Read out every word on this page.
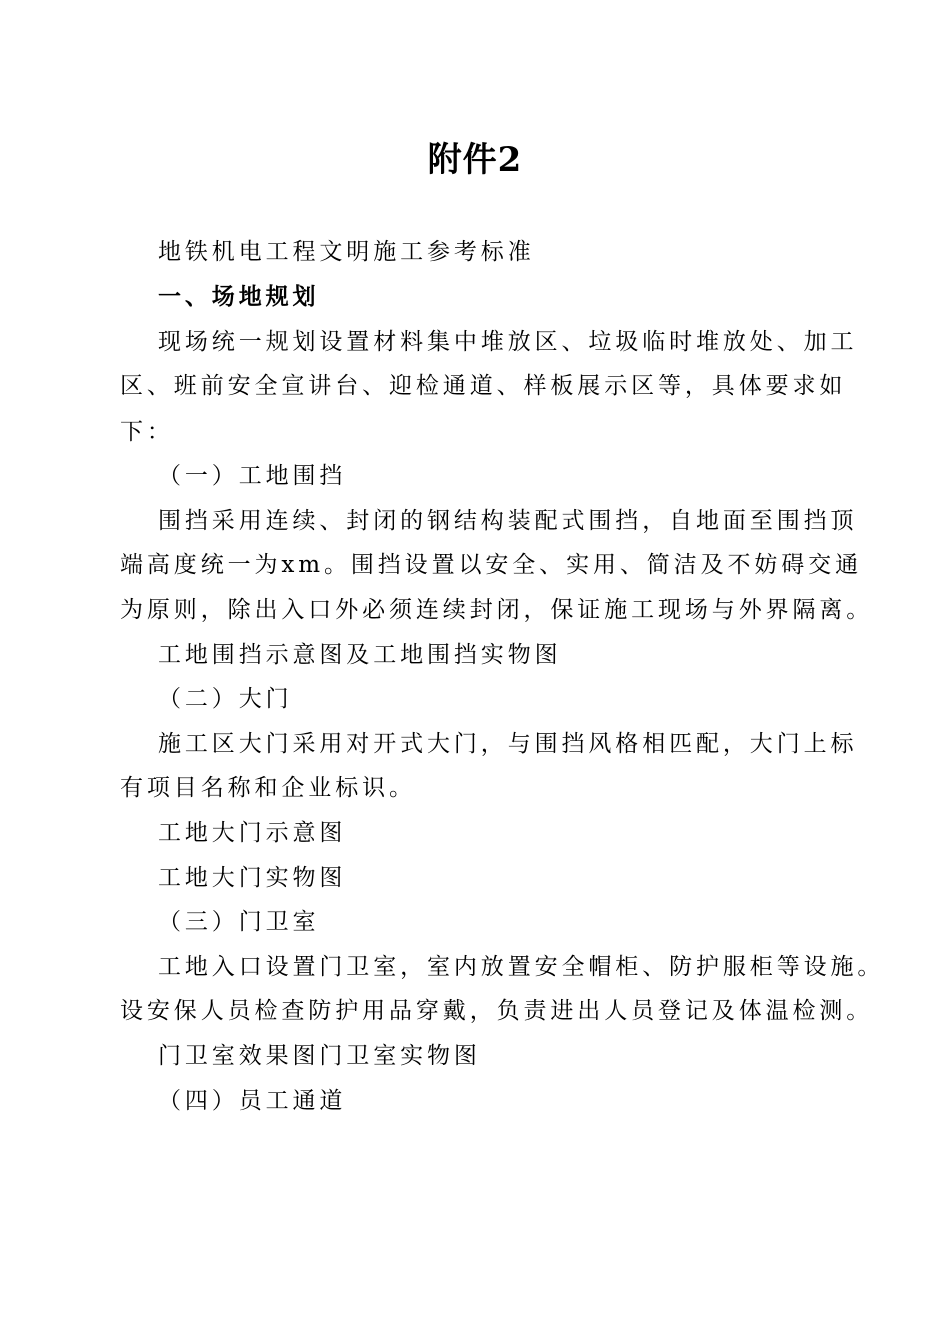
附件2
地铁机电工程文明施工参考标准
一、场地规划
现场统一规划设置材料集中堆放区、垃圾临时堆放处、加工
区、班前安全宣讲台、迎检通道、样板展示区等，具体要求如
下：
（一）工地围挡
围挡采用连续、封闭的钢结构装配式围挡，自地面至围挡顶
端高度统一为xm。围挡设置以安全、实用、简洁及不妨碍交通
为原则，除出入口外必须连续封闭，保证施工现场与外界隔离。
工地围挡示意图及工地围挡实物图
（二）大门
施工区大门采用对开式大门，与围挡风格相匹配，大门上标
有项目名称和企业标识。
工地大门示意图
工地大门实物图
（三）门卫室
工地入口设置门卫室，室内放置安全帽柜、防护服柜等设施。
设安保人员检查防护用品穿戴，负责进出人员登记及体温检测。
门卫室效果图门卫室实物图
（四）员工通道
